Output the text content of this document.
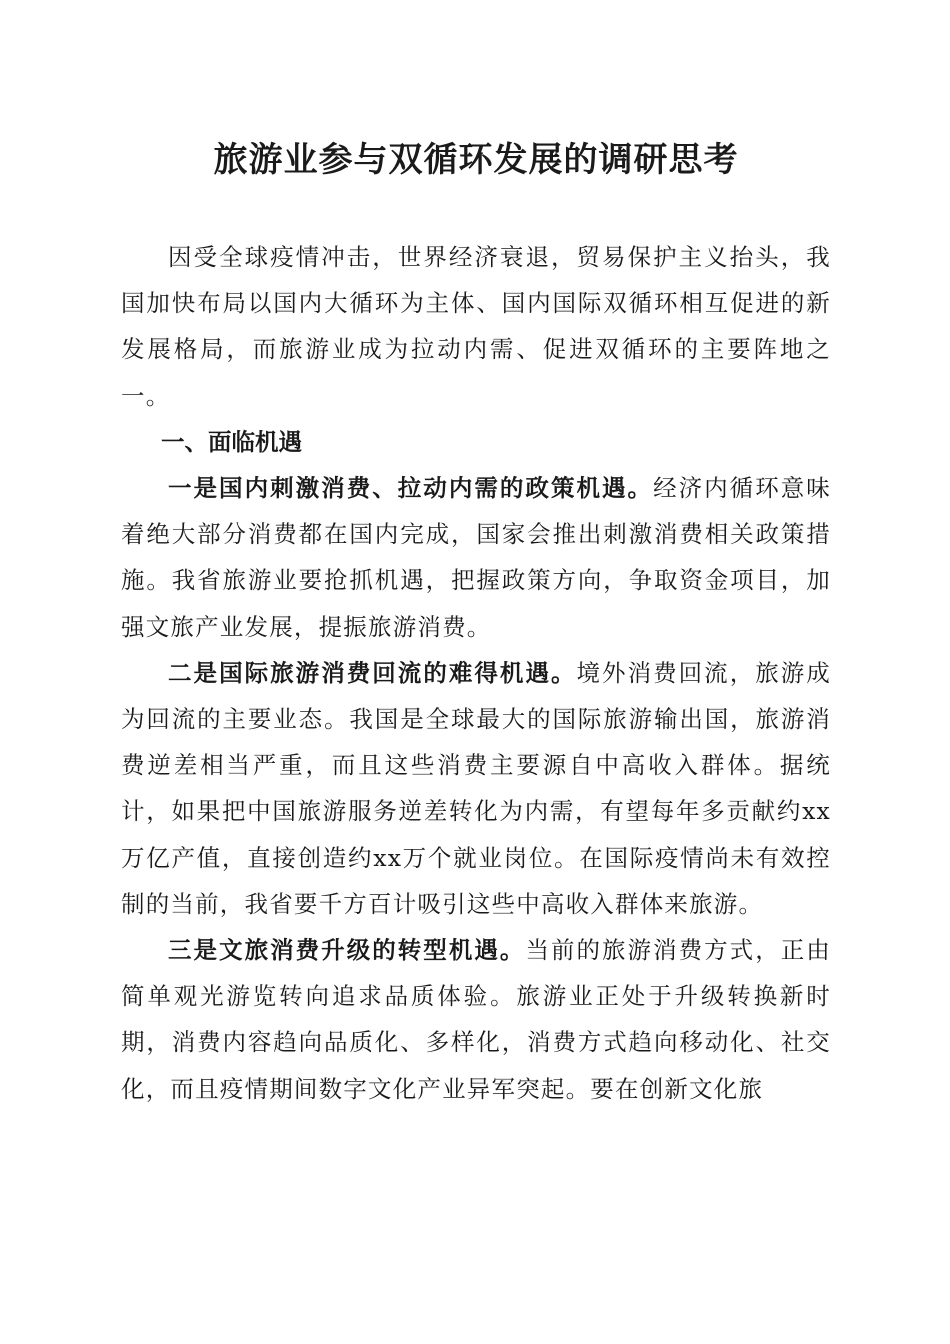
旅游业参与双循环发展的调研思考

因受全球疫情冲击，世界经济衰退，贸易保护主义抬头，我国加快布局以国内大循环为主体、国内国际双循环相互促进的新发展格局，而旅游业成为拉动内需、促进双循环的主要阵地之一。

一、面临机遇

一是国内刺激消费、拉动内需的政策机遇。经济内循环意味着绝大部分消费都在国内完成，国家会推出刺激消费相关政策措施。我省旅游业要抢抓机遇，把握政策方向，争取资金项目，加强文旅产业发展，提振旅游消费。

二是国际旅游消费回流的难得机遇。境外消费回流，旅游成为回流的主要业态。我国是全球最大的国际旅游输出国，旅游消费逆差相当严重，而且这些消费主要源自中高收入群体。据统计，如果把中国旅游服务逆差转化为内需，有望每年多贡献约xx万亿产值，直接创造约xx万个就业岗位。在国际疫情尚未有效控制的当前，我省要千方百计吸引这些中高收入群体来旅游。

三是文旅消费升级的转型机遇。当前的旅游消费方式，正由简单观光游览转向追求品质体验。旅游业正处于升级转换新时期，消费内容趋向品质化、多样化，消费方式趋向移动化、社交化，而且疫情期间数字文化产业异军突起。要在创新文化旅
